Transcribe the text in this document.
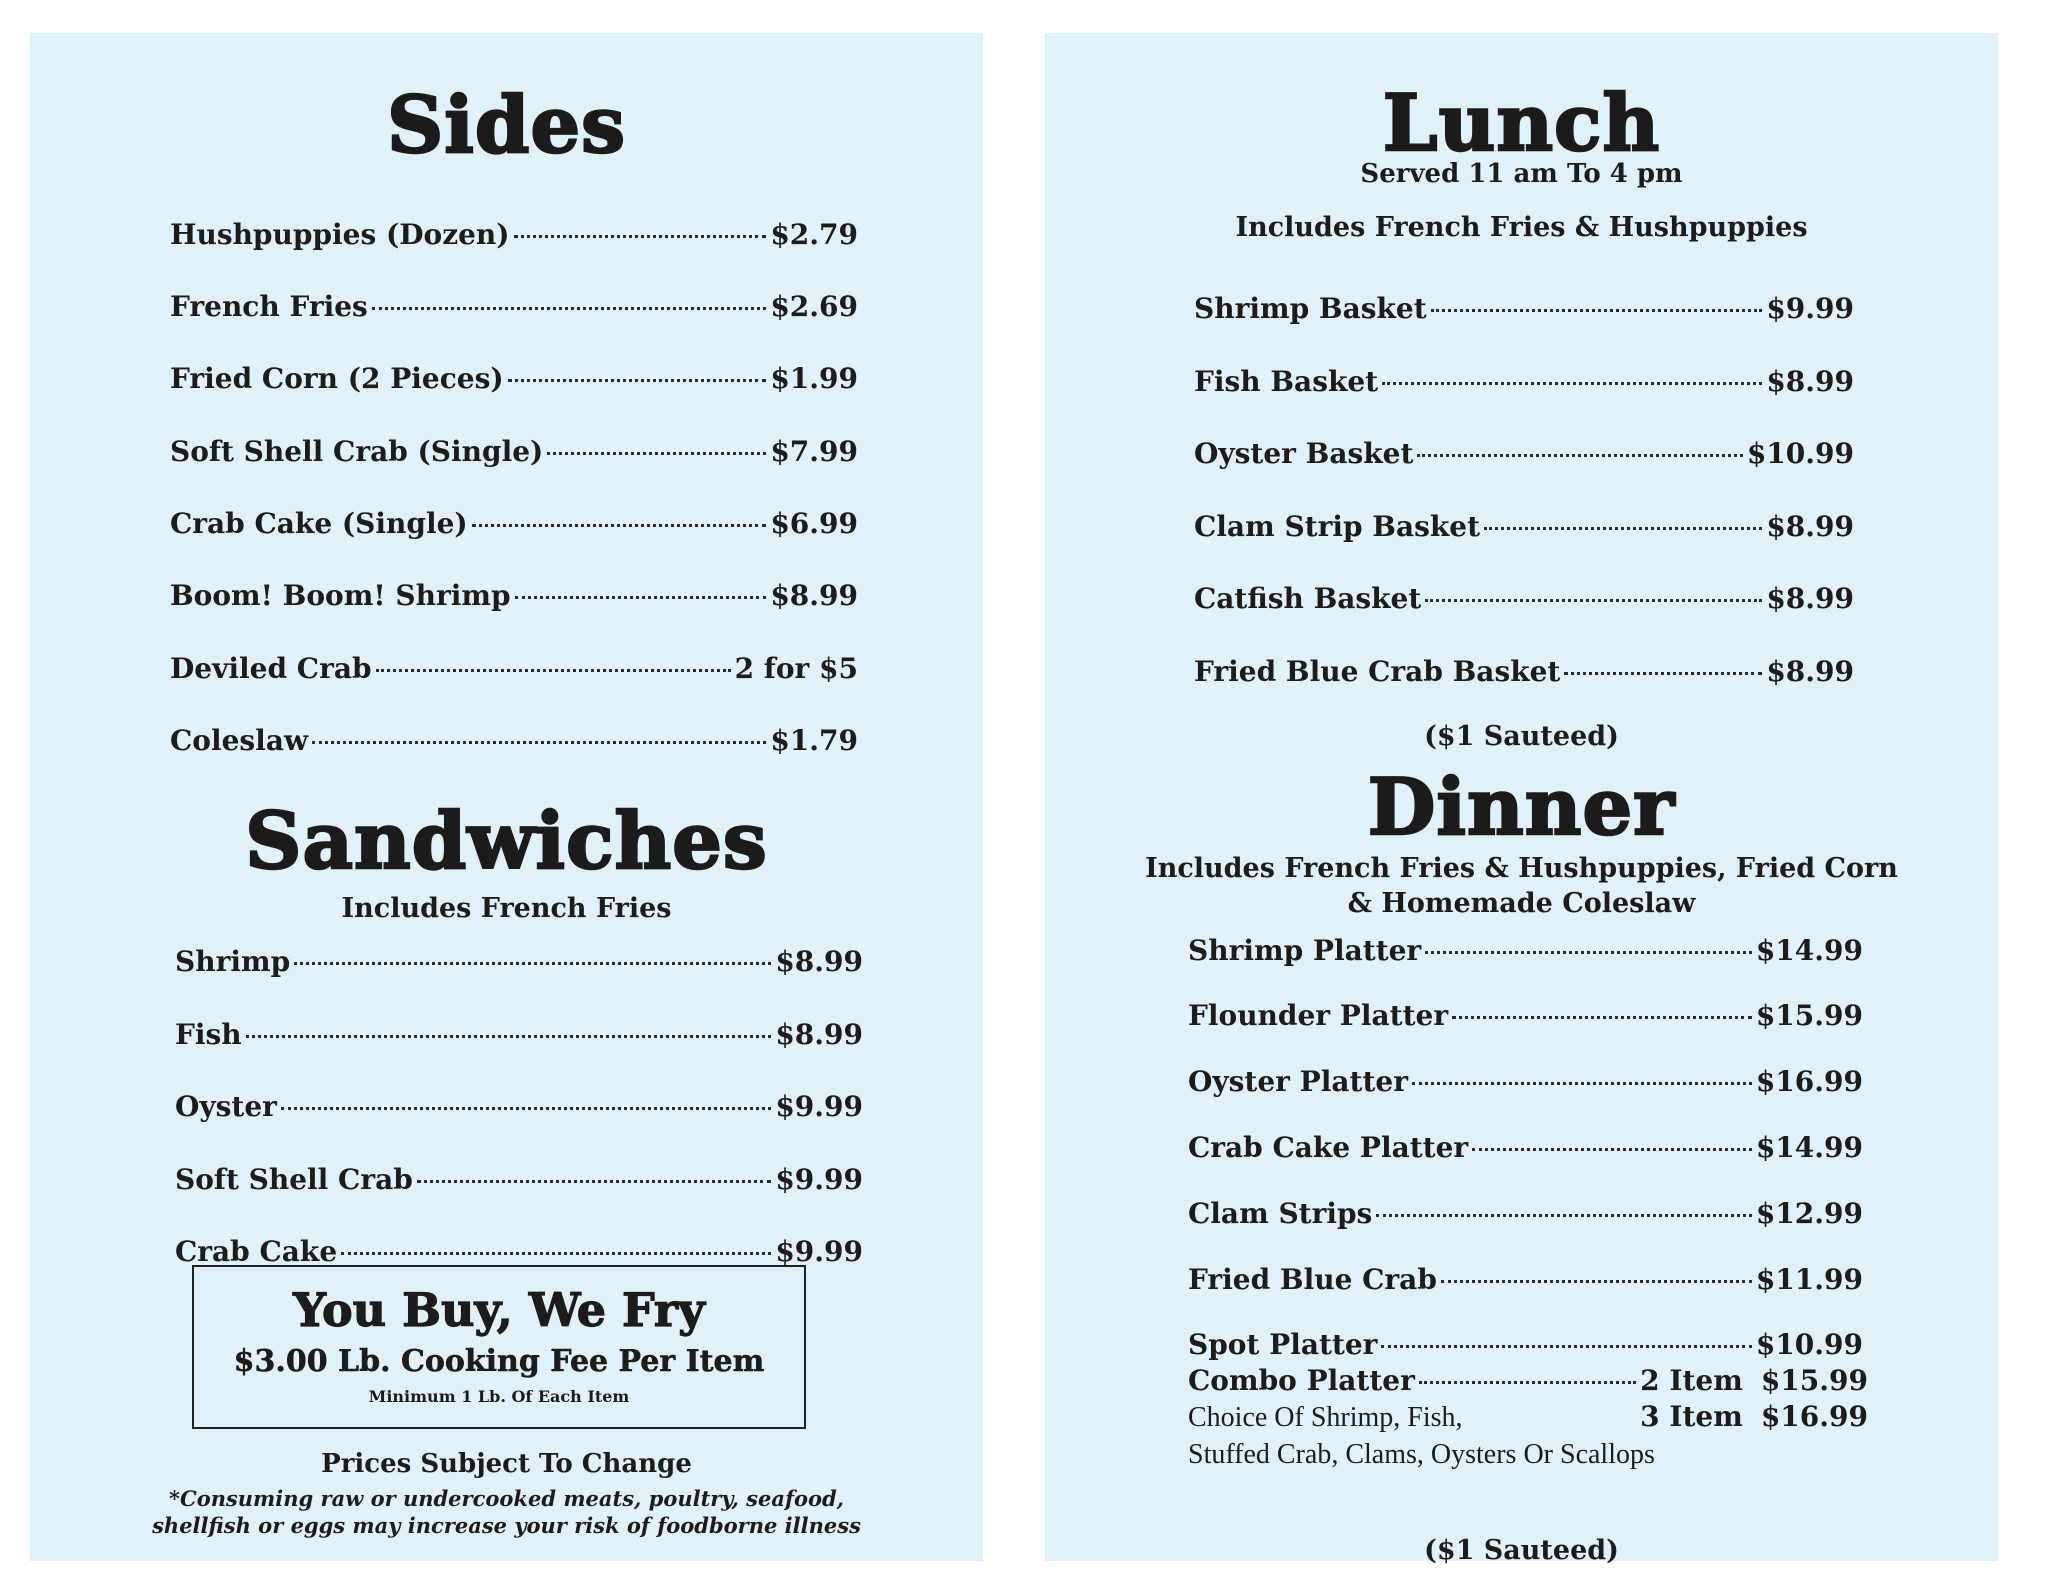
Sides
Hushpuppies (Dozen)	$2.79
French Fries	$2.69
Fried Corn (2 Pieces)	$1.99
Soft Shell Crab (Single)	$7.99
Crab Cake (Single)	$6.99
Boom! Boom! Shrimp	$8.99
Deviled Crab	2 for $5
Coleslaw	$1.79
Sandwiches
Includes French Fries
Shrimp	$8.99
Fish	$8.99
Oyster	$9.99
Soft Shell Crab	$9.99
Crab Cake	$9.99
You Buy, We Fry
$3.00 Lb. Cooking Fee Per Item
Minimum 1 Lb. Of Each Item
Prices Subject To Change
*Consuming raw or undercooked meats, poultry, seafood,
shellfish or eggs may increase your risk of foodborne illness
Lunch
Served 11 am To 4 pm
Includes French Fries & Hushpuppies
Shrimp Basket	$9.99
Fish Basket	$8.99
Oyster Basket	$10.99
Clam Strip Basket	$8.99
Catfish Basket	$8.99
Fried Blue Crab Basket	$8.99
($1 Sauteed)
Dinner
Includes French Fries & Hushpuppies, Fried Corn
& Homemade Coleslaw
Shrimp Platter	$14.99
Flounder Platter	$15.99
Oyster Platter	$16.99
Crab Cake Platter	$14.99
Clam Strips	$12.99
Fried Blue Crab	$11.99
Spot Platter	$10.99
Combo Platter	2 Item $15.99
Choice Of Shrimp, Fish,	3 Item $16.99
Stuffed Crab, Clams, Oysters Or Scallops
($1 Sauteed)
